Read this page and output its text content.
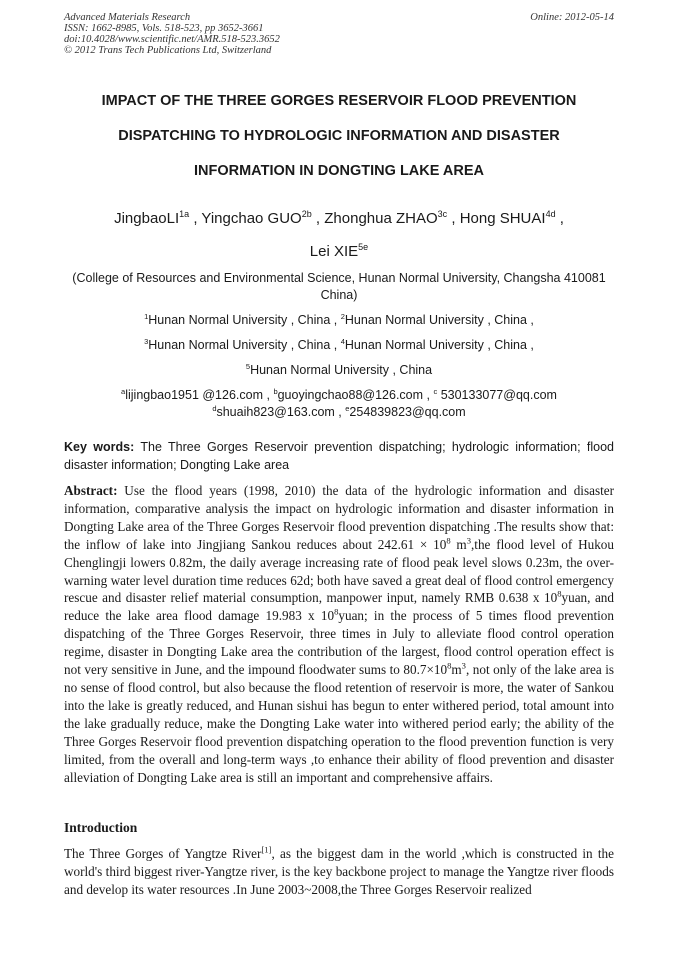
Advanced Materials Research
ISSN: 1662-8985, Vols. 518-523, pp 3652-3661
doi:10.4028/www.scientific.net/AMR.518-523.3652
© 2012 Trans Tech Publications Ltd, Switzerland
Online: 2012-05-14
IMPACT OF THE THREE GORGES RESERVOIR FLOOD PREVENTION
DISPATCHING TO HYDROLOGIC INFORMATION AND DISASTER
INFORMATION IN DONGTING LAKE AREA
JingbaoLI$^{1a}$ , Yingchao $GUO^{2b}$ , Zhonghua $ZHAO^{3c}$ , Hong $SHUAI^{4d}$ ,
Lei $XIE^{5e}$
(College of Resources and Environmental Science, Hunan Normal University, Changsha 410081 China)
$^1$Hunan Normal University , China , $^2$Hunan Normal University , China ,
$^3$Hunan Normal University , China , $^4$Hunan Normal University , China ,
$^5$Hunan Normal University , China
$^a$lijingbao1951 @126.com , $^b$guoyingchao88@126.com , $^c$ 530133077@qq.com
$^d$shuaih823@163.com , $^e$254839823@qq.com
Key words: The Three Gorges Reservoir prevention dispatching; hydrologic information; flood disaster information; Dongting Lake area
Abstract: Use the flood years (1998, 2010) the data of the hydrologic information and disaster information, comparative analysis the impact on hydrologic information and disaster information in Dongting Lake area of the Three Gorges Reservoir flood prevention dispatching .The results show that: the inflow of lake into Jingjiang Sankou reduces about $242.61 \times 10^8$ $m^3,the$ flood level of Hukou Chenglingji lowers 0.82m, the daily average increasing rate of flood peak level slows 0.23m, the over-warning water level duration time reduces 62d; both have saved a great deal of flood control emergency rescue and disaster relief material consumption, manpower input, namely RMB 0.638 x $10^8yuan$, and reduce the lake area flood damage 19.983 x $10^8yuan$; in the process of 5 times flood prevention dispatching of the Three Gorges Reservoir, three times in July to alleviate flood control operation regime, disaster in Dongting Lake area the contribution of the largest, flood control operation effect is not very sensitive in June, and the impound floodwater sums to $80.7\times 10^8m^3$, not only of the lake area is no sense of flood control, but also because the flood retention of reservoir is more, the water of Sankou into the lake is greatly reduced, and Hunan sishui has begun to enter withered period, total amount into the lake gradually reduce, make the Dongting Lake water into withered period early; the ability of the Three Gorges Reservoir flood prevention dispatching operation to the flood prevention function is very limited, from the overall and long-term ways ,to enhance their ability of flood prevention and disaster alleviation of Dongting Lake area is still an important and comprehensive affairs.
Introduction
The Three Gorges of Yangtze River[1], as the biggest dam in the world ,which is constructed in the world's third biggest river-Yangtze river, is the key backbone project to manage the Yangtze river floods and develop its water resources .In June 2003~2008,the Three Gorges Reservoir realized
